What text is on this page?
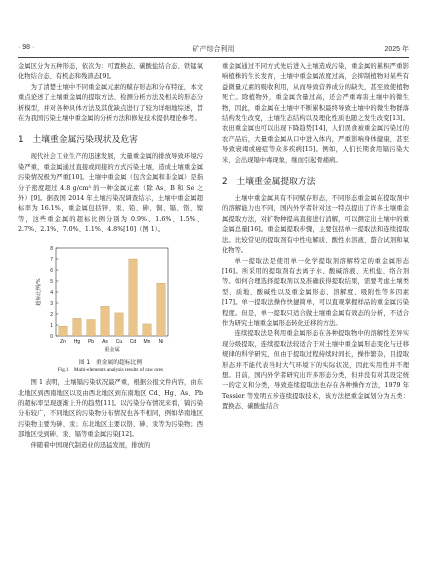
· 98 ·	矿产综合利用	2025 年

金属区分为五种形态，依次为：可置换态、碳酸盐结合态、铁锰氧化物结合态、有机态和残渣态[9]。

为了清楚土壤中不同重金属元素的赋存形态和分布特征，本文重点论述了土壤重金属的提取方法、检测分析方法及相关的形态分析模型，并对各种具体方法及其优缺点进行了较为详细地综述，旨在为我国污染土壤中重金属的分析方法和修复技术提供理论参考。

1　土壤重金属污染现状及危害

现代社会工业生产的迅速发展，大量重金属的排放导致环境污染严重，重金属通过直接或间接的方式污染土壤，造成土壤重金属污染情况极为严重[10]。土壤中重金属（包含金属和非金属）是指分子密度超过 4.8 g/cm³ 的一种金属元素（除 As、B 和 Se 之外）[9]。据我国 2014 年土壤污染况调查结示，土壤中重金属超标率为 16.1%，重金属包括锌、汞、铅、砷、铜、镉、铬、镍等，这些重金属的超标比例分别为 0.9%、1.6%、1.5%、2.7%、2.1%、7.0%、1.1%、4.8%[10]（图 1）。

0
1
2
3
4
5
6
7
8
Zn Hg Pb As Cu Cd Mn Ni
重金属
超标比例/%
图 1　重金属的超标比例
Fig.1　Multi-elements analysis results of raw ores

图 1 表明，土壤镉污染状况最严重，根据公报文件内容，由东北地区到西南地区以及由西北地区到东南地区 Cd、Hg、As、Pb 的超标率呈现逐渐上升的趋势[11]。以污染分布情况来看，镉污染分布较广，不同地区的污染物分布情况也各不相同，例如华南地区污染物主要为砷、汞；东北地区主要以铬、砷、汞等为污染物；西部地区受到砷、汞、镉等重金属污染[12]。

伴随着中国现代制造业的迅猛发展，排放的

重金属通过不同方式先后进入土壤造成污染，重金属的累积严重影响植株的生长发育，土壤中重金属浓度过高，会抑制植物对某些有益微量元素的吸收利用，从而导致营养成分的缺失，甚至致使植物死亡。除植物外，重金属含量过高，还会严重毒害土壤中的微生物，因此，重金属在土壤中不断累积最终导致土壤中的微生物群落结构发生改变，土壤生态结构以及理化性质也随之发生改变[13]。农田重金属也可以出现下降趋势[14]，人们误食被重金属污染过的农产品后，大量重金属从口中进入体内，严重影响身体健康，甚至导致衰竭或癌症等众多疾病[15]。例如，人们长期食用镉污染大米，会出现镉中毒现象，继而引起骨痛病。

2　土壤重金属提取方法

土壤中重金属具有不同赋存形态，不同形态重金属在提取剂中的溶解能力也不同，国内外学者针对这一特点提出了许多土壤重金属提取方法，对扩物种提高直接进行消解，可以测定出土壤中的重金属总量[16]。重金属提取步骤，主要包括单一提取法和连续提取法。比较常见的提取剂有中性电解质、酸性水溶液、螯合试剂和氧化物等。

单一提取法是使用单一化学提取剂溶解特定的重金属形态[16]。所采用的提取剂有去离子水、酸碱溶液、无机盐、络合剂等。如何合理选择提取剂以及准确获得提取结果，需要考虑土壤类型、质地、酸碱性以及重金属形态、溶解度、吸附性等多因素[17]。单一提取法操作快捷简单，可以直观掌握样品的重金属污染程度。但是，单一提取只适合做土壤重金属有效态的分析，不适合作为研究土壤重金属形态转化迁移的方法。

连续提取法是利用重金属形态在各种提取物中的溶解性差异实现分级提取，连续提取法较适合于对土壤中重金属形态变化与迁移规律的科学研究，但由于提取过程持续时间长，操作繁杂，且提取形态并不能代表当时大气环境下的实际状况，因此实用性并不理想。目前，国内外学者研究出许多形态分类，但并没有对其设定统一的定义和分类，导致连续提取法也存在各种操作方法，1979 年 Tessier 等发明五步连续提取技术，该方法把重金属划分为五类：置换态、碳酸盐结合
